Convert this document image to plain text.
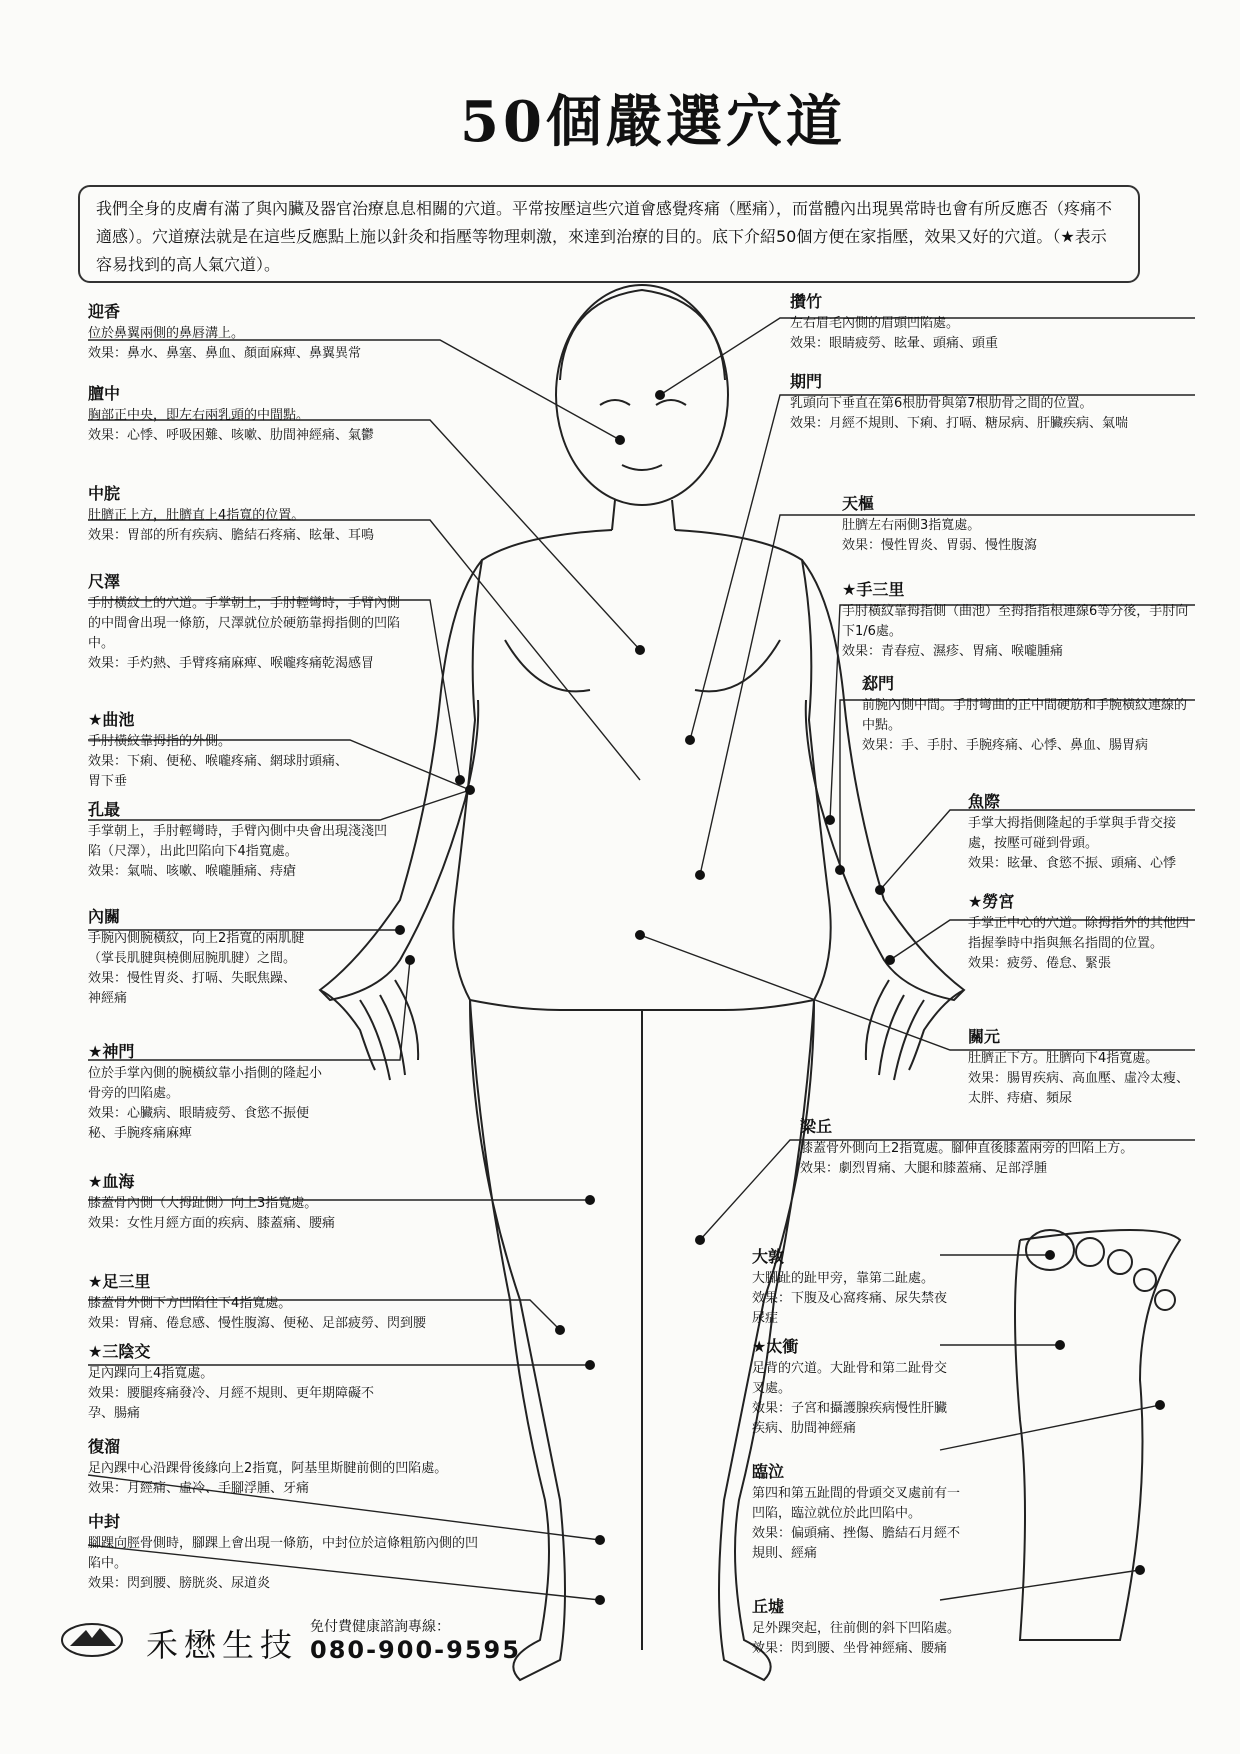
50個嚴選穴道
我們全身的皮膚有滿了與內臟及器官治療息息相關的穴道。平常按壓這些穴道會感覺疼痛（壓痛），而當體內出現異常時也會有所反應否（疼痛不適感）。穴道療法就是在這些反應點上施以針灸和指壓等物理刺激，來達到治療的目的。底下介紹50個方便在家指壓，效果又好的穴道。（★表示容易找到的高人氣穴道）。
迎香
位於鼻翼兩側的鼻唇溝上。
效果：鼻水、鼻塞、鼻血、顏面麻痺、鼻翼異常
膻中
胸部正中央，即左右兩乳頭的中間點。
效果：心悸、呼吸困難、咳嗽、肋間神經痛、氣鬱
中脘
肚臍正上方，肚臍直上4指寬的位置。
效果：胃部的所有疾病、膽結石疼痛、眩暈、耳鳴
尺澤
手肘橫紋上的穴道。手掌朝上，手肘輕彎時，手臂內側的中間會出現一條筋，尺澤就位於硬筋靠拇指側的凹陷中。
效果：手灼熱、手臂疼痛麻痺、喉嚨疼痛乾渴感冒
★曲池
手肘橫紋靠拇指的外側。
效果：下痢、便秘、喉嚨疼痛、網球肘頭痛、胃下垂
孔最
手掌朝上，手肘輕彎時，手臂內側中央會出現淺淺凹陷（尺澤），出此凹陷向下4指寬處。
效果：氣喘、咳嗽、喉嚨腫痛、痔瘡
內關
手腕內側腕橫紋，向上2指寬的兩肌腱（掌長肌腱與橈側屈腕肌腱）之間。
效果：慢性胃炎、打嗝、失眠焦躁、神經痛
★神門
位於手掌內側的腕橫紋靠小指側的隆起小骨旁的凹陷處。
效果：心臟病、眼睛疲勞、食慾不振便秘、手腕疼痛麻痺
★血海
膝蓋骨內側（大拇趾側）向上3指寬處。
效果：女性月經方面的疾病、膝蓋痛、腰痛
★足三里
膝蓋骨外側下方凹陷往下4指寬處。
效果：胃痛、倦怠感、慢性腹瀉、便秘、足部疲勞、閃到腰
★三陰交
足內踝向上4指寬處。
效果：腰腿疼痛發冷、月經不規則、更年期障礙不孕、腸痛
復溜
足內踝中心沿踝骨後緣向上2指寬，阿基里斯腱前側的凹陷處。
效果：月經痛、虛冷、手腳浮腫、牙痛
中封
腳踝向脛骨側時，腳踝上會出現一條筋，中封位於這條粗筋內側的凹陷中。
效果：閃到腰、膀胱炎、尿道炎
攢竹
左右眉毛內側的眉頭凹陷處。
效果：眼睛疲勞、眩暈、頭痛、頭重
期門
乳頭向下垂直在第6根肋骨與第7根肋骨之間的位置。
效果：月經不規則、下痢、打嗝、糖尿病、肝臟疾病、氣喘
天樞
肚臍左右兩側3指寬處。
效果：慢性胃炎、胃弱、慢性腹瀉
★手三里
手肘橫紋靠拇指側（曲池）至拇指指根連線6等分後，手肘向下1/6處。
效果：青春痘、濕疹、胃痛、喉嚨腫痛
郄門
前腕內側中間。手肘彎曲的正中間硬筋和手腕橫紋連線的中點。
效果：手、手肘、手腕疼痛、心悸、鼻血、腸胃病
魚際
手掌大拇指側隆起的手掌與手背交接處，按壓可碰到骨頭。
效果：眩暈、食慾不振、頭痛、心悸
★勞宮
手掌正中心的穴道。除拇指外的其他四指握拳時中指與無名指間的位置。
效果：疲勞、倦怠、緊張
關元
肚臍正下方。肚臍向下4指寬處。
效果：腸胃疾病、高血壓、虛冷太瘦、太胖、痔瘡、頻尿
梁丘
膝蓋骨外側向上2指寬處。腳伸直後膝蓋兩旁的凹陷上方。
效果：劇烈胃痛、大腿和膝蓋痛、足部浮腫
大敦
大腳趾的趾甲旁，靠第二趾處。
效果：下腹及心窩疼痛、尿失禁夜尿症
★太衝
足背的穴道。大趾骨和第二趾骨交叉處。
效果：子宮和攝護腺疾病慢性肝臟疾病、肋間神經痛
臨泣
第四和第五趾間的骨頭交叉處前有一凹陷，臨泣就位於此凹陷中。
效果：偏頭痛、挫傷、膽結石月經不規則、經痛
丘墟
足外踝突起，往前側的斜下凹陷處。
效果：閃到腰、坐骨神經痛、腰痛
禾懋生技 免付費健康諮詢專線：
080-900-9595
